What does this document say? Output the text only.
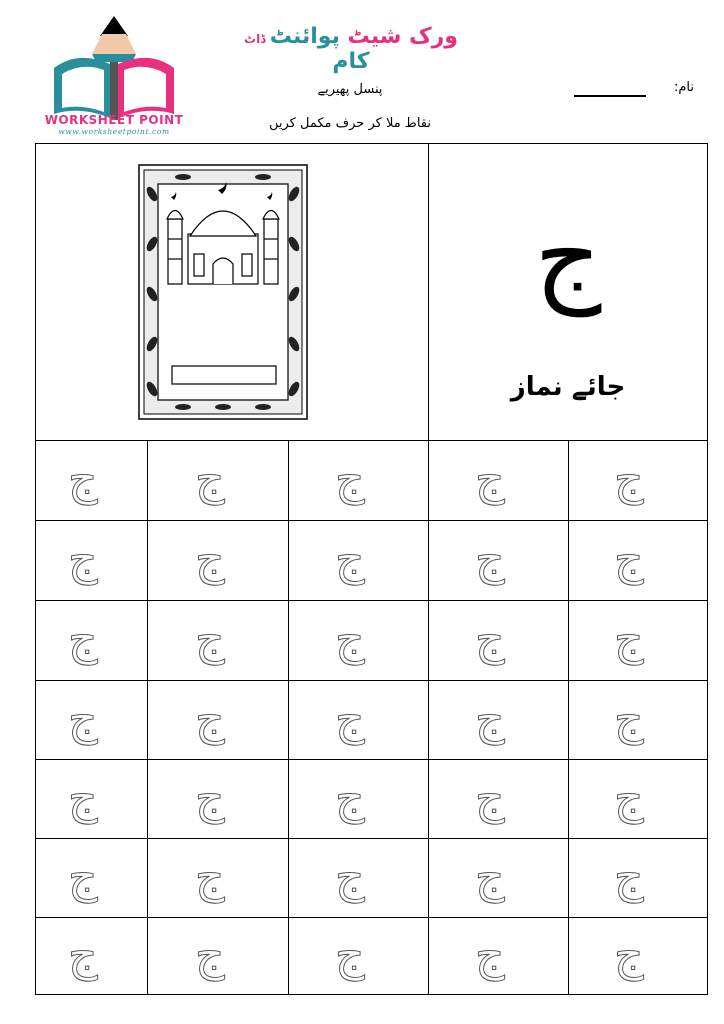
WORKSHEET POINT
www.worksheetpoint.com
ورک شیٹ پوائنٹ ڈاٹ کام
پنسل پھیریے
نقاط ملا کر حرف مکمل کریں
نام:
ج
جائے نماز
ج ج ج ج ج
ج ج ج ج ج
ج ج ج ج ج
ج ج ج ج ج
ج ج ج ج ج
ج ج ج ج ج
ج ج ج ج ج
